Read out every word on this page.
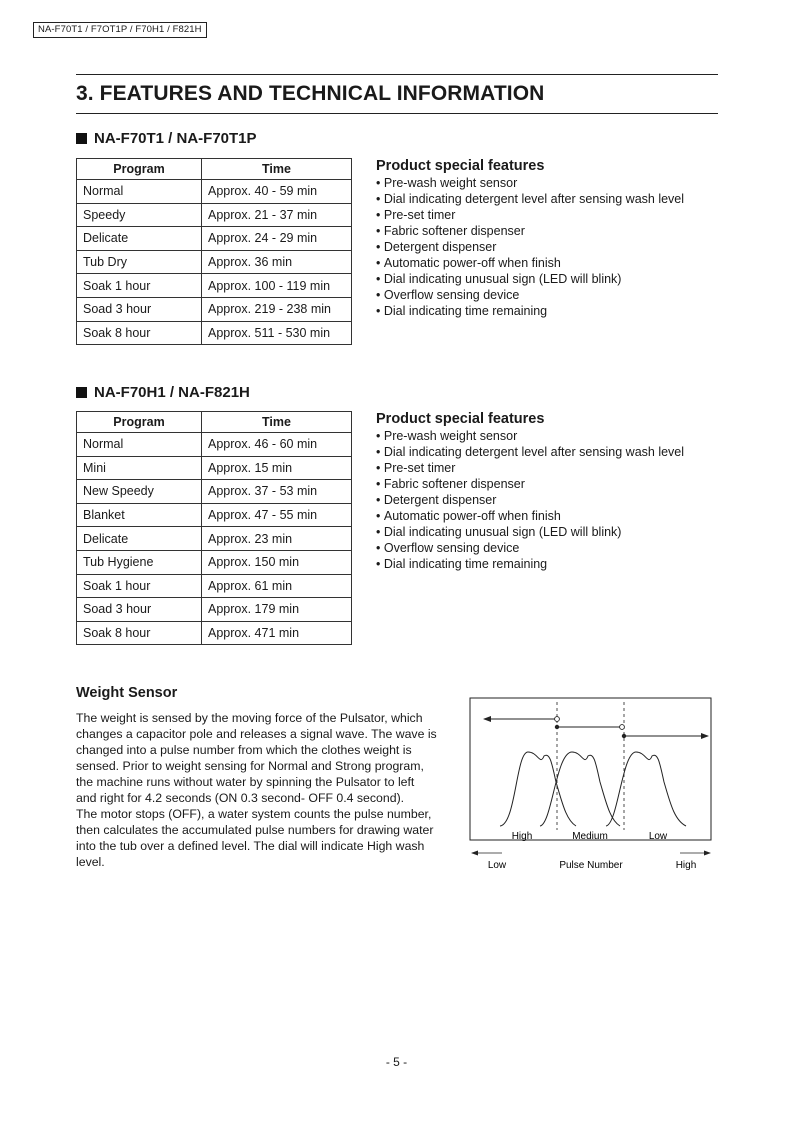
NA-F70T1 / F7OT1P / F70H1 / F821H
3. FEATURES AND TECHNICAL INFORMATION
NA-F70T1 / NA-F70T1P
Program	Time
Normal	Approx. 40 - 59 min
Speedy	Approx. 21 - 37 min
Delicate	Approx. 24 - 29 min
Tub Dry	Approx. 36 min
Soak 1 hour	Approx. 100 - 119 min
Soad 3 hour	Approx. 219 - 238 min
Soak 8 hour	Approx. 511 - 530 min
Product special features
• Pre-wash weight sensor
• Dial indicating detergent level after sensing wash level
• Pre-set timer
• Fabric softener dispenser
• Detergent dispenser
• Automatic power-off when finish
• Dial indicating unusual sign (LED will blink)
• Overflow sensing device
• Dial indicating time remaining
NA-F70H1 / NA-F821H
Program	Time
Normal	Approx. 46 - 60 min
Mini	Approx. 15 min
New Speedy	Approx. 37 - 53 min
Blanket	Approx. 47 - 55 min
Delicate	Approx. 23 min
Tub Hygiene	Approx. 150 min
Soak 1 hour	Approx. 61 min
Soad 3 hour	Approx. 179 min
Soak 8 hour	Approx. 471 min
Product special features
• Pre-wash weight sensor
• Dial indicating detergent level after sensing wash level
• Pre-set timer
• Fabric softener dispenser
• Detergent dispenser
• Automatic power-off when finish
• Dial indicating unusual sign (LED will blink)
• Overflow sensing device
• Dial indicating time remaining
Weight Sensor

The weight is sensed by the moving force of the Pulsator, which changes a capacitor pole and releases a signal wave. The wave is changed into a pulse number from which the clothes weight is sensed. Prior to weight sensing for Normal and Strong program, the machine runs without water by spinning the Pulsator to left and right for 4.2 seconds (ON 0.3 second- OFF 0.4 second).

The motor stops (OFF), a water system counts the pulse number, then calculates the accumulated pulse numbers for drawing water into the tub over a defined level. The dial will indicate High wash level.

High	Medium	Low
Low	Pulse Number	High
- 5 -
